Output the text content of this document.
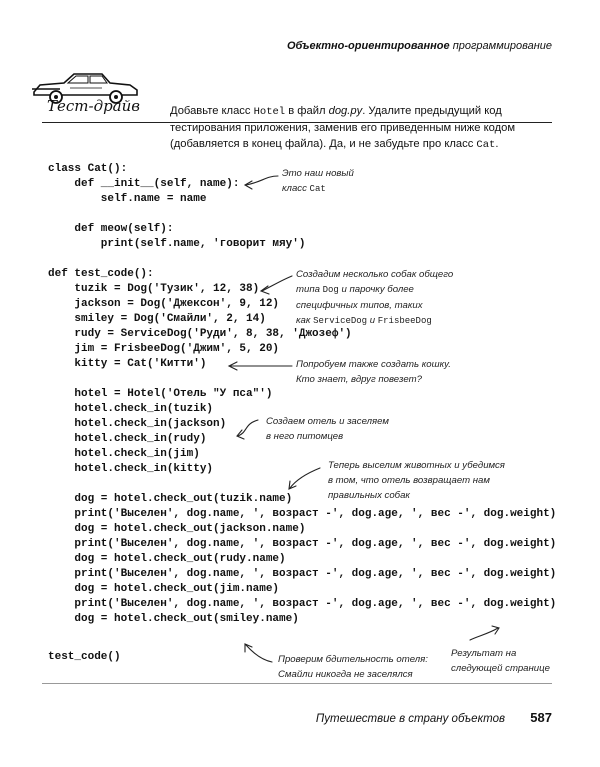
Объектно-ориентированное программирование
Тест-драйв	Добавьте класс Hotel в файл dog.py. Удалите предыдущий код тестирования приложения, заменив его приведенным ниже кодом (добавляется в конец файла). Да, и не забудьте про класс Cat.
class Cat():
def __init__(self, name):
self.name = name
def meow(self):
print(self.name, 'говорит мяу')
def test_code():
tuzik = Dog('Тузик', 12, 38)
jackson = Dog('Джексон', 9, 12)
smiley = Dog('Смайли', 2, 14)
rudy = ServiceDog('Руди', 8, 38, 'Джозеф')
jim = FrisbeeDog('Джим', 5, 20)
kitty = Cat('Китти')
hotel = Hotel('Отель "У пса"')
hotel.check_in(tuzik)
hotel.check_in(jackson)
hotel.check_in(rudy)
hotel.check_in(jim)
hotel.check_in(kitty)
dog = hotel.check_out(tuzik.name)
print('Выселен', dog.name, ', возраст -', dog.age, ', вес -', dog.weight)
dog = hotel.check_out(jackson.name)
print('Выселен', dog.name, ', возраст -', dog.age, ', вес -', dog.weight)
dog = hotel.check_out(rudy.name)
print('Выселен', dog.name, ', возраст -', dog.age, ', вес -', dog.weight)
dog = hotel.check_out(jim.name)
print('Выселен', dog.name, ', возраст -', dog.age, ', вес -', dog.weight)
dog = hotel.check_out(smiley.name)
test_code()
Это наш новый
класс Cat
Создадим несколько собак общего
типа Dog и парочку более
специфичных типов, таких
как ServiceDog и FrisbeeDog
Попробуем также создать кошку.
Кто знает, вдруг повезет?
Создаем отель и заселяем
в него питомцев
Теперь выселим животных и убедимся
в том, что отель возвращает нам
правильных собак
Проверим бдительность отеля:
Смайли никогда не заселялся
Результат на
следующей странице
Путешествие в страну объектов 587
